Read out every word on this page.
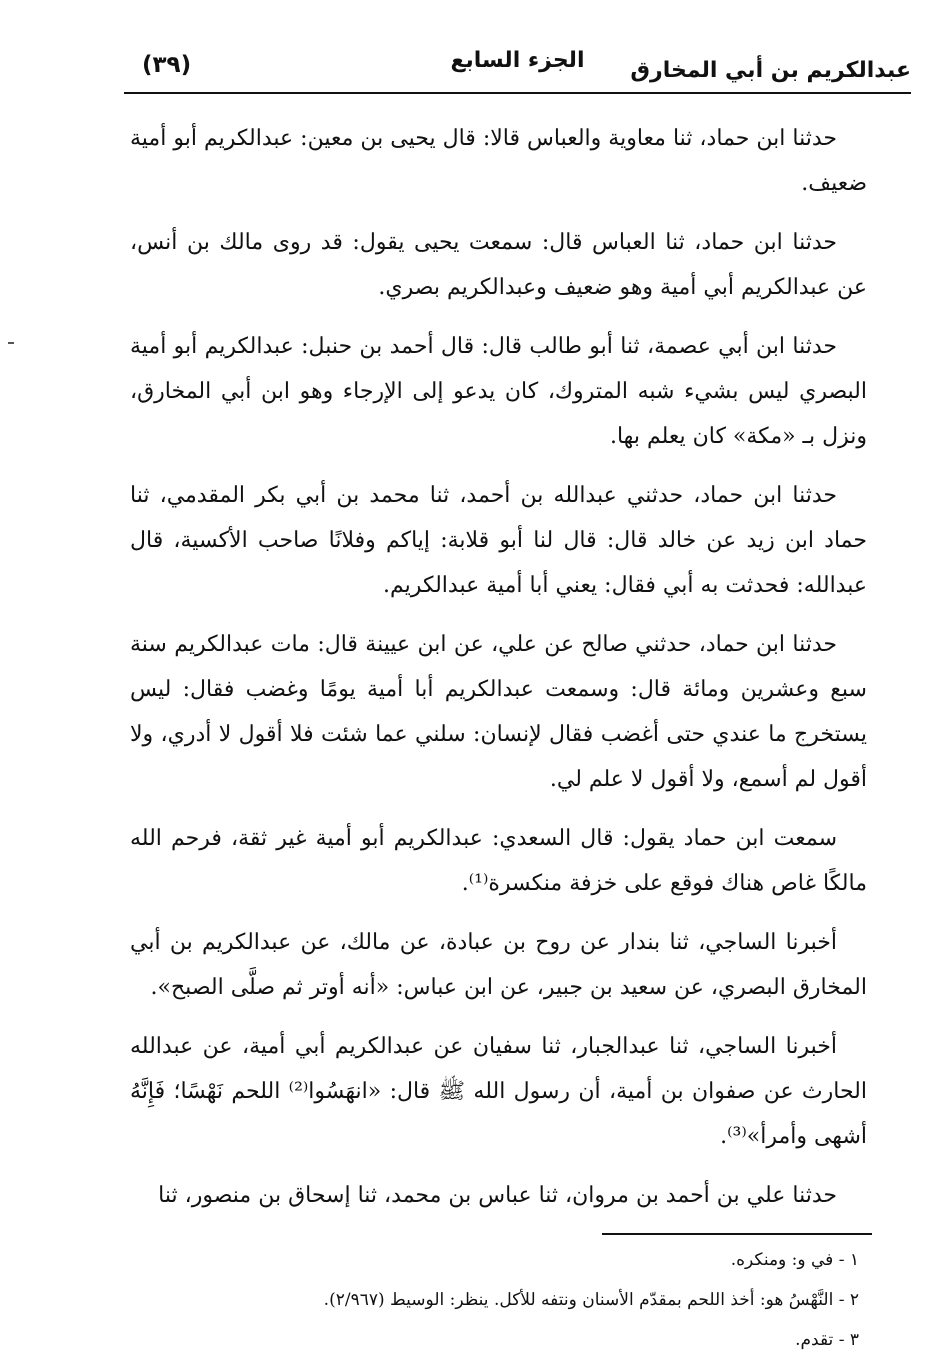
عبدالكريم بن أبي المخارق
الجزء السابع
(٣٩)

حدثنا ابن حماد، ثنا معاوية والعباس قالا: قال يحيى بن معين: عبدالكريم أبو أمية ضعيف.

حدثنا ابن حماد، ثنا العباس قال: سمعت يحيى يقول: قد روى مالك بن أنس، عن عبدالكريم أبي أمية وهو ضعيف وعبدالكريم بصري.

حدثنا ابن أبي عصمة، ثنا أبو طالب قال: قال أحمد بن حنبل: عبدالكريم أبو أمية البصري ليس بشيء شبه المتروك، كان يدعو إلى الإرجاء وهو ابن أبي المخارق، ونزل بـ «مكة» كان يعلم بها.

حدثنا ابن حماد، حدثني عبدالله بن أحمد، ثنا محمد بن أبي بكر المقدمي، ثنا حماد ابن زيد عن خالد قال: قال لنا أبو قلابة: إياكم وفلانًا صاحب الأكسية، قال عبدالله: فحدثت به أبي فقال: يعني أبا أمية عبدالكريم.

حدثنا ابن حماد، حدثني صالح عن علي، عن ابن عيينة قال: مات عبدالكريم سنة سبع وعشرين ومائة قال: وسمعت عبدالكريم أبا أمية يومًا وغضب فقال: ليس يستخرج ما عندي حتى أغضب فقال لإنسان: سلني عما شئت فلا أقول لا أدري، ولا أقول لم أسمع، ولا أقول لا علم لي.

سمعت ابن حماد يقول: قال السعدي: عبدالكريم أبو أمية غير ثقة، فرحم الله مالكًا غاص هناك فوقع على خزفة منكسرة⁽¹⁾.

أخبرنا الساجي، ثنا بندار عن روح بن عبادة، عن مالك، عن عبدالكريم بن أبي المخارق البصري، عن سعيد بن جبير، عن ابن عباس: «أنه أوتر ثم صلَّى الصبح».

أخبرنا الساجي، ثنا عبدالجبار، ثنا سفيان عن عبدالكريم أبي أمية، عن عبدالله الحارث عن صفوان بن أمية، أن رسول الله ﷺ قال: «انهَسُوا⁽²⁾ اللحم نَهْسًا؛ فَإِنَّهُ أشهى وأمرأ»⁽³⁾.

حدثنا علي بن أحمد بن مروان، ثنا عباس بن محمد، ثنا إسحاق بن منصور، ثنا

١ - في و: ومنكره.

٢ - النَّهْسُ هو: أخذ اللحم بمقدّم الأسنان ونتفه للأكل. ينظر: الوسيط (٢/٩٦٧).

٣ - تقدم.
